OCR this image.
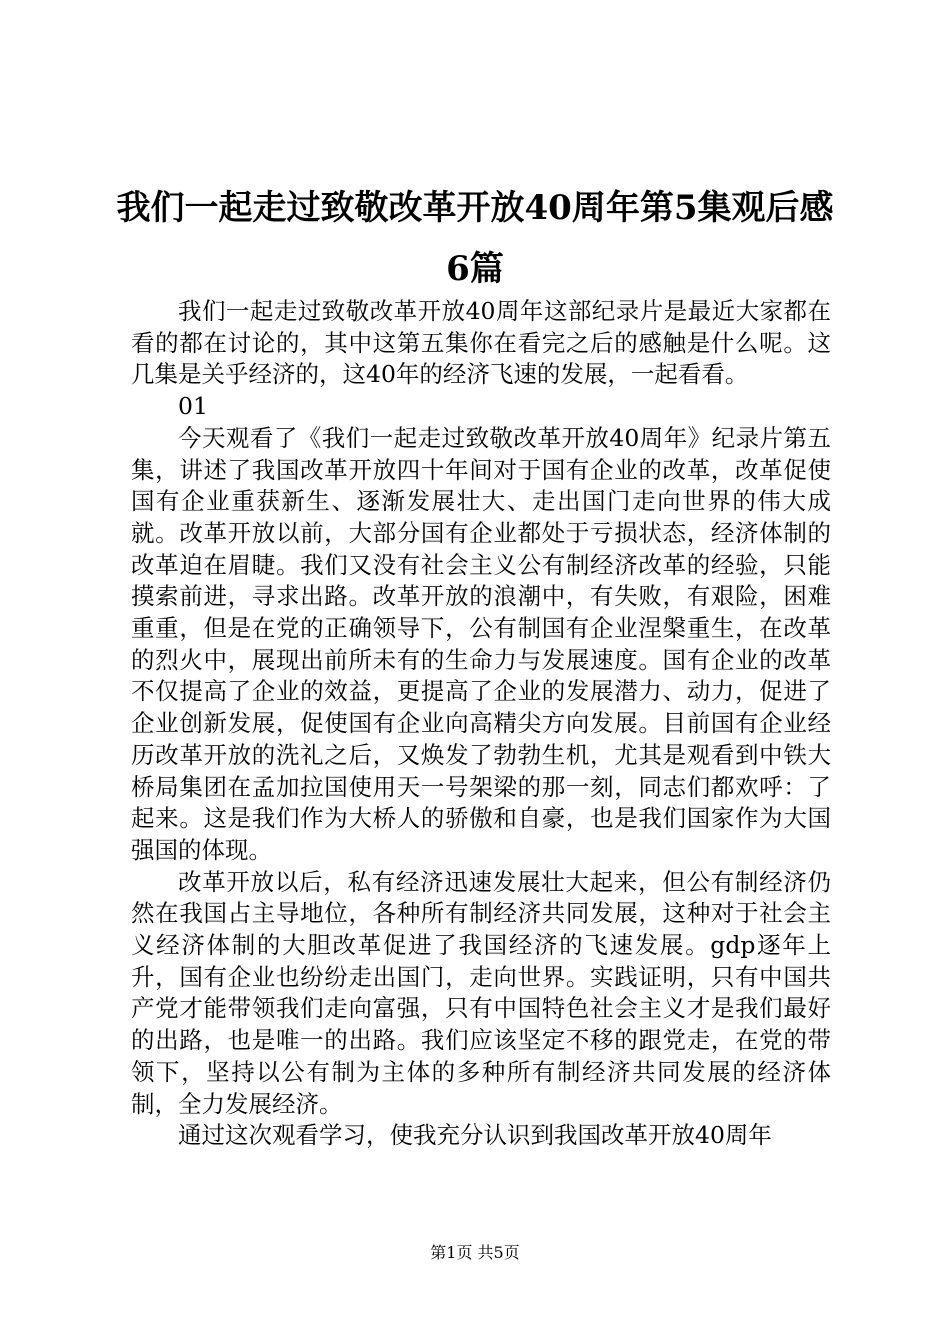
我们一起走过致敬改革开放40周年第5集观后感6篇

我们一起走过致敬改革开放40周年这部纪录片是最近大家都在看的都在讨论的，其中这第五集你在看完之后的感触是什么呢。这几集是关乎经济的，这40年的经济飞速的发展，一起看看。

01

今天观看了《我们一起走过致敬改革开放40周年》纪录片第五集，讲述了我国改革开放四十年间对于国有企业的改革，改革促使国有企业重获新生、逐渐发展壮大、走出国门走向世界的伟大成就。改革开放以前，大部分国有企业都处于亏损状态，经济体制的改革迫在眉睫。我们又没有社会主义公有制经济改革的经验，只能摸索前进，寻求出路。改革开放的浪潮中，有失败，有艰险，困难重重，但是在党的正确领导下，公有制国有企业涅槃重生，在改革的烈火中，展现出前所未有的生命力与发展速度。国有企业的改革不仅提高了企业的效益，更提高了企业的发展潜力、动力，促进了企业创新发展，促使国有企业向高精尖方向发展。目前国有企业经历改革开放的洗礼之后，又焕发了勃勃生机，尤其是观看到中铁大桥局集团在孟加拉国使用天一号架梁的那一刻，同志们都欢呼：了起来。这是我们作为大桥人的骄傲和自豪，也是我们国家作为大国强国的体现。

改革开放以后，私有经济迅速发展壮大起来，但公有制经济仍然在我国占主导地位，各种所有制经济共同发展，这种对于社会主义经济体制的大胆改革促进了我国经济的飞速发展。gdp逐年上升，国有企业也纷纷走出国门，走向世界。实践证明，只有中国共产党才能带领我们走向富强，只有中国特色社会主义才是我们最好的出路，也是唯一的出路。我们应该坚定不移的跟党走，在党的带领下，坚持以公有制为主体的多种所有制经济共同发展的经济体制，全力发展经济。

通过这次观看学习，使我充分认识到我国改革开放40周年

第1页 共5页
